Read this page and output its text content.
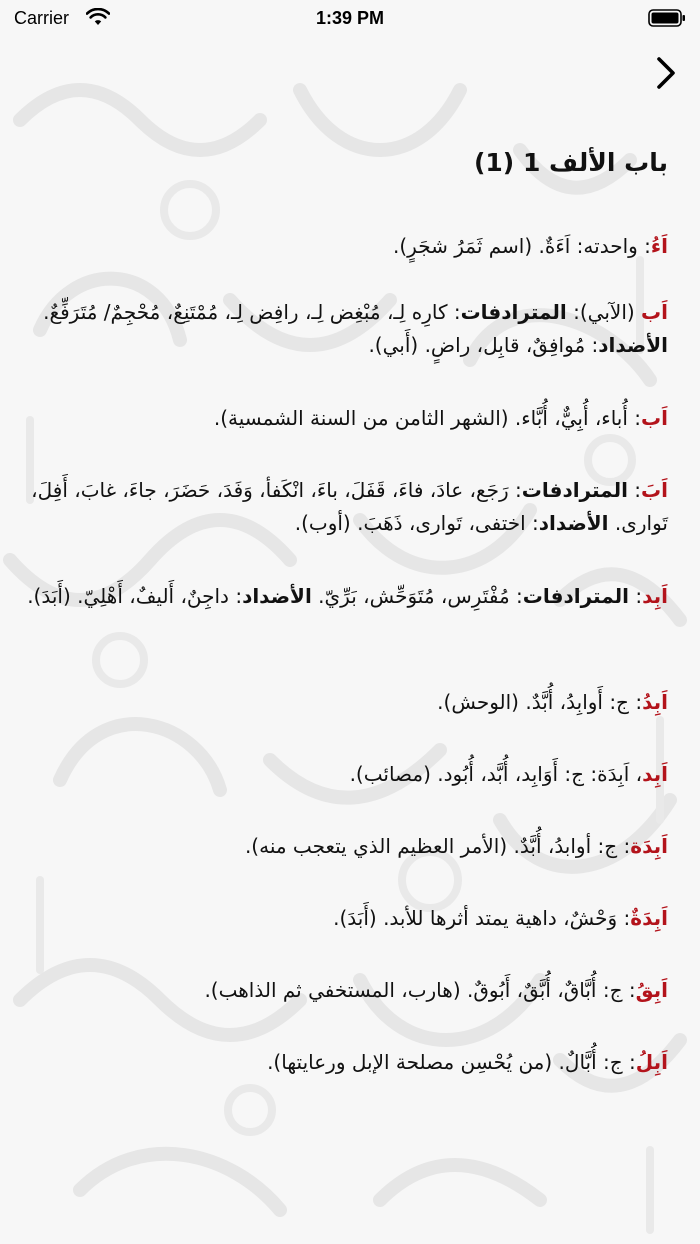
Carrier	1:39 PM
باب الألف 1 (1)
اَءُ: واحدته: اَءَةٌ. (اسم ثَمَرُ شجَرٍ).
اَب (الآبي): المترادفات: كارِه لِـ، مُبْغِض لِـ، رافِض لِـ، مُمْتَنِعٌ، مُحْجِمٌ/ مُتَرَفِّعٌ. الأضداد: مُوافِقٌ، قابِل، راضٍ. (أَبي).
اَب: أُباء، أُبِيٌّ، أُبَّاء. (الشهر الثامن من السنة الشمسية).
اَبَ: المترادفات: رَجَع، عادَ، فاءَ، قَفَلَ، باءَ، انْكَفأ، وَفَدَ، حَضَرَ، جاءَ، غابَ، أَفِلَ، تَوارى. الأضداد: اختفى، تَوارى، ذَهَبَ. (أوب).
اَبِد: المترادفات: مُفْتَرِس، مُتَوَحِّش، بَرِّيّ. الأضداد: داجِنٌ، أَليفٌ، أَهْلِيّ. (أَبَدَ).
اَبِدُ: ج: أَوابِدُ، أُبَّدٌ. (الوحش).
اَبِد، اَبِدَة: ج: أَوَابِد، أُبَّد، أُبُود. (مصائب).
اَبِدَة: ج: أوابدُ، أُبَّدٌ. (الأمر العظيم الذي يتعجب منه).
اَبِدَةٌ: وَحْشٌ، داهية يمتد أثرها للأبد. (أَبَدَ).
اَبِقُ: ج: أُبَّاقٌ، أُبَّقٌ، أَبُوقٌ. (هارب، المستخفي ثم الذاهب).
اَبِلُ: ج: أُبَّالٌ. (من يُحْسِن مصلحة الإبل ورعايتها).
